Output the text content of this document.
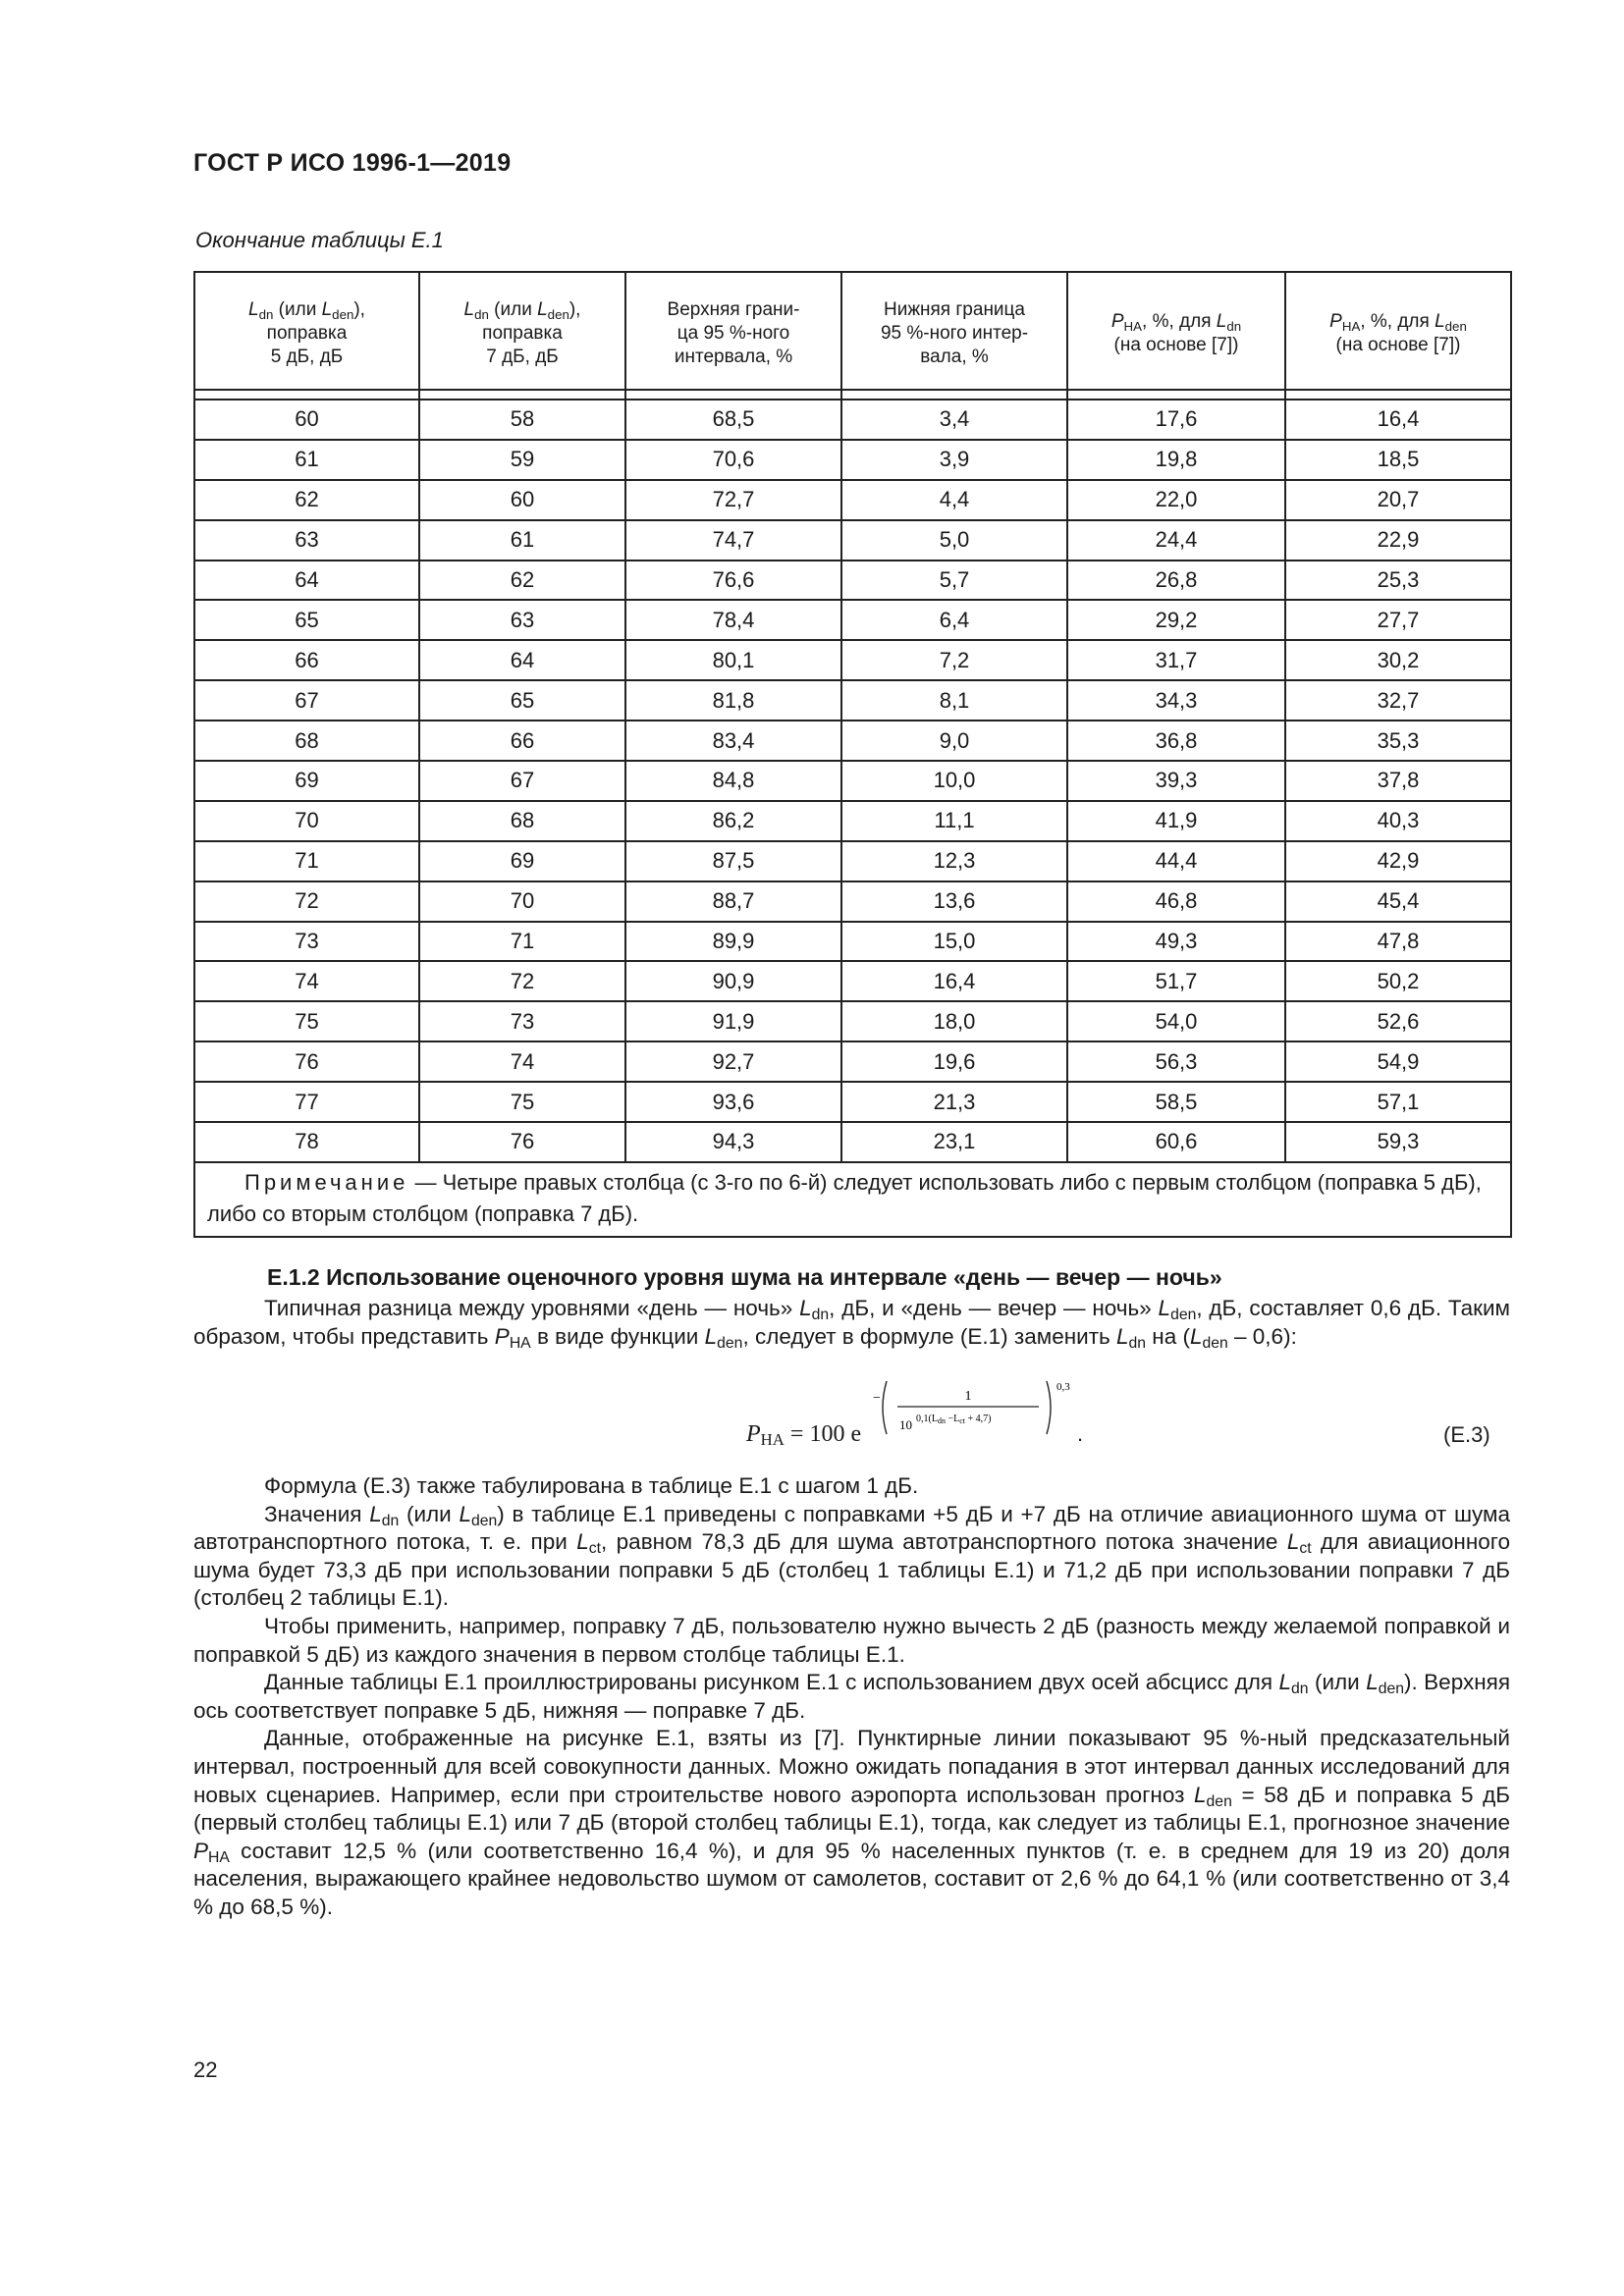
ГОСТ Р ИСО 1996-1—2019
Окончание таблицы Е.1
$L_{dn}$ (или $L_{den}$),
поправка
5 дБ, дБ	$L_{dn}$ (или $L_{den}$),
поправка
7 дБ, дБ	Верхняя грани-
ца 95 %-ного
интервала, %	Нижняя граница
95 %-ного интер-
вала, %	$P_{HA}$, %, для $L_{dn}$
(на основе [7])	$P_{HA}$, %, для $L_{den}$
(на основе [7])

60	58	68,5	3,4	17,6	16,4
61	59	70,6	3,9	19,8	18,5
62	60	72,7	4,4	22,0	20,7
63	61	74,7	5,0	24,4	22,9
64	62	76,6	5,7	26,8	25,3
65	63	78,4	6,4	29,2	27,7
66	64	80,1	7,2	31,7	30,2
67	65	81,8	8,1	34,3	32,7
68	66	83,4	9,0	36,8	35,3
69	67	84,8	10,0	39,3	37,8
70	68	86,2	11,1	41,9	40,3
71	69	87,5	12,3	44,4	42,9
72	70	88,7	13,6	46,8	45,4
73	71	89,9	15,0	49,3	47,8
74	72	90,9	16,4	51,7	50,2
75	73	91,9	18,0	54,0	52,6
76	74	92,7	19,6	56,3	54,9
77	75	93,6	21,3	58,5	57,1
78	76	94,3	23,1	60,6	59,3
Примечание — Четыре правых столбца (с 3-го по 6-й) следует использовать либо с первым столбцом (поправка 5 дБ), либо со вторым столбцом (поправка 7 дБ).					
Е.1.2 Использование оценочного уровня шума на интервале «день — вечер — ночь»
Типичная разница между уровнями «день — ночь» $L_{dn}$, дБ, и «день — вечер — ночь» $L_{den}$, дБ, составляет 0,6 дБ. Таким образом, чтобы представить $P_{HA}$ в виде функции $L_{den}$, следует в формуле (Е.1) заменить $L_{dn}$ на $(L_{den} - 0,6)$:
$P_{HA} = 100$ e
−	1
10 $0,1(L_{dn} -L_{ct} + 4,7)$
0,3
.	(Е.3)
Формула (Е.3) также табулирована в таблице Е.1 с шагом 1 дБ.
Значения $L_{dn}$ (или $L_{den}$) в таблице Е.1 приведены с поправками +5 дБ и +7 дБ на отличие авиационного шума от шума автотранспортного потока, т. е. при $L_{ct}$, равном 78,3 дБ для шума автотранспортного потока значение $L_{ct}$ для авиационного шума будет 73,3 дБ при использовании поправки 5 дБ (столбец 1 таблицы Е.1) и 71,2 дБ при использовании поправки 7 дБ (столбец 2 таблицы Е.1).
Чтобы применить, например, поправку 7 дБ, пользователю нужно вычесть 2 дБ (разность между желаемой поправкой и поправкой 5 дБ) из каждого значения в первом столбце таблицы Е.1.
Данные таблицы Е.1 проиллюстрированы рисунком Е.1 с использованием двух осей абсцисс для $L_{dn}$ (или $L_{den}$). Верхняя ось соответствует поправке 5 дБ, нижняя — поправке 7 дБ.
Данные, отображенные на рисунке Е.1, взяты из [7]. Пунктирные линии показывают 95 %-ный предсказательный интервал, построенный для всей совокупности данных. Можно ожидать попадания в этот интервал данных исследований для новых сценариев. Например, если при строительстве нового аэропорта использован прогноз $L_{den} = 58$ дБ и поправка 5 дБ (первый столбец таблицы Е.1) или 7 дБ (второй столбец таблицы Е.1), тогда, как следует из таблицы Е.1, прогнозное значение $P_{HA}$ составит 12,5 % (или соответственно 16,4 %), и для 95 % населенных пунктов (т. е. в среднем для 19 из 20) доля населения, выражающего крайнее недовольство шумом от самолетов, составит от 2,6 % до 64,1 % (или соответственно от 3,4 % до 68,5 %).
22
